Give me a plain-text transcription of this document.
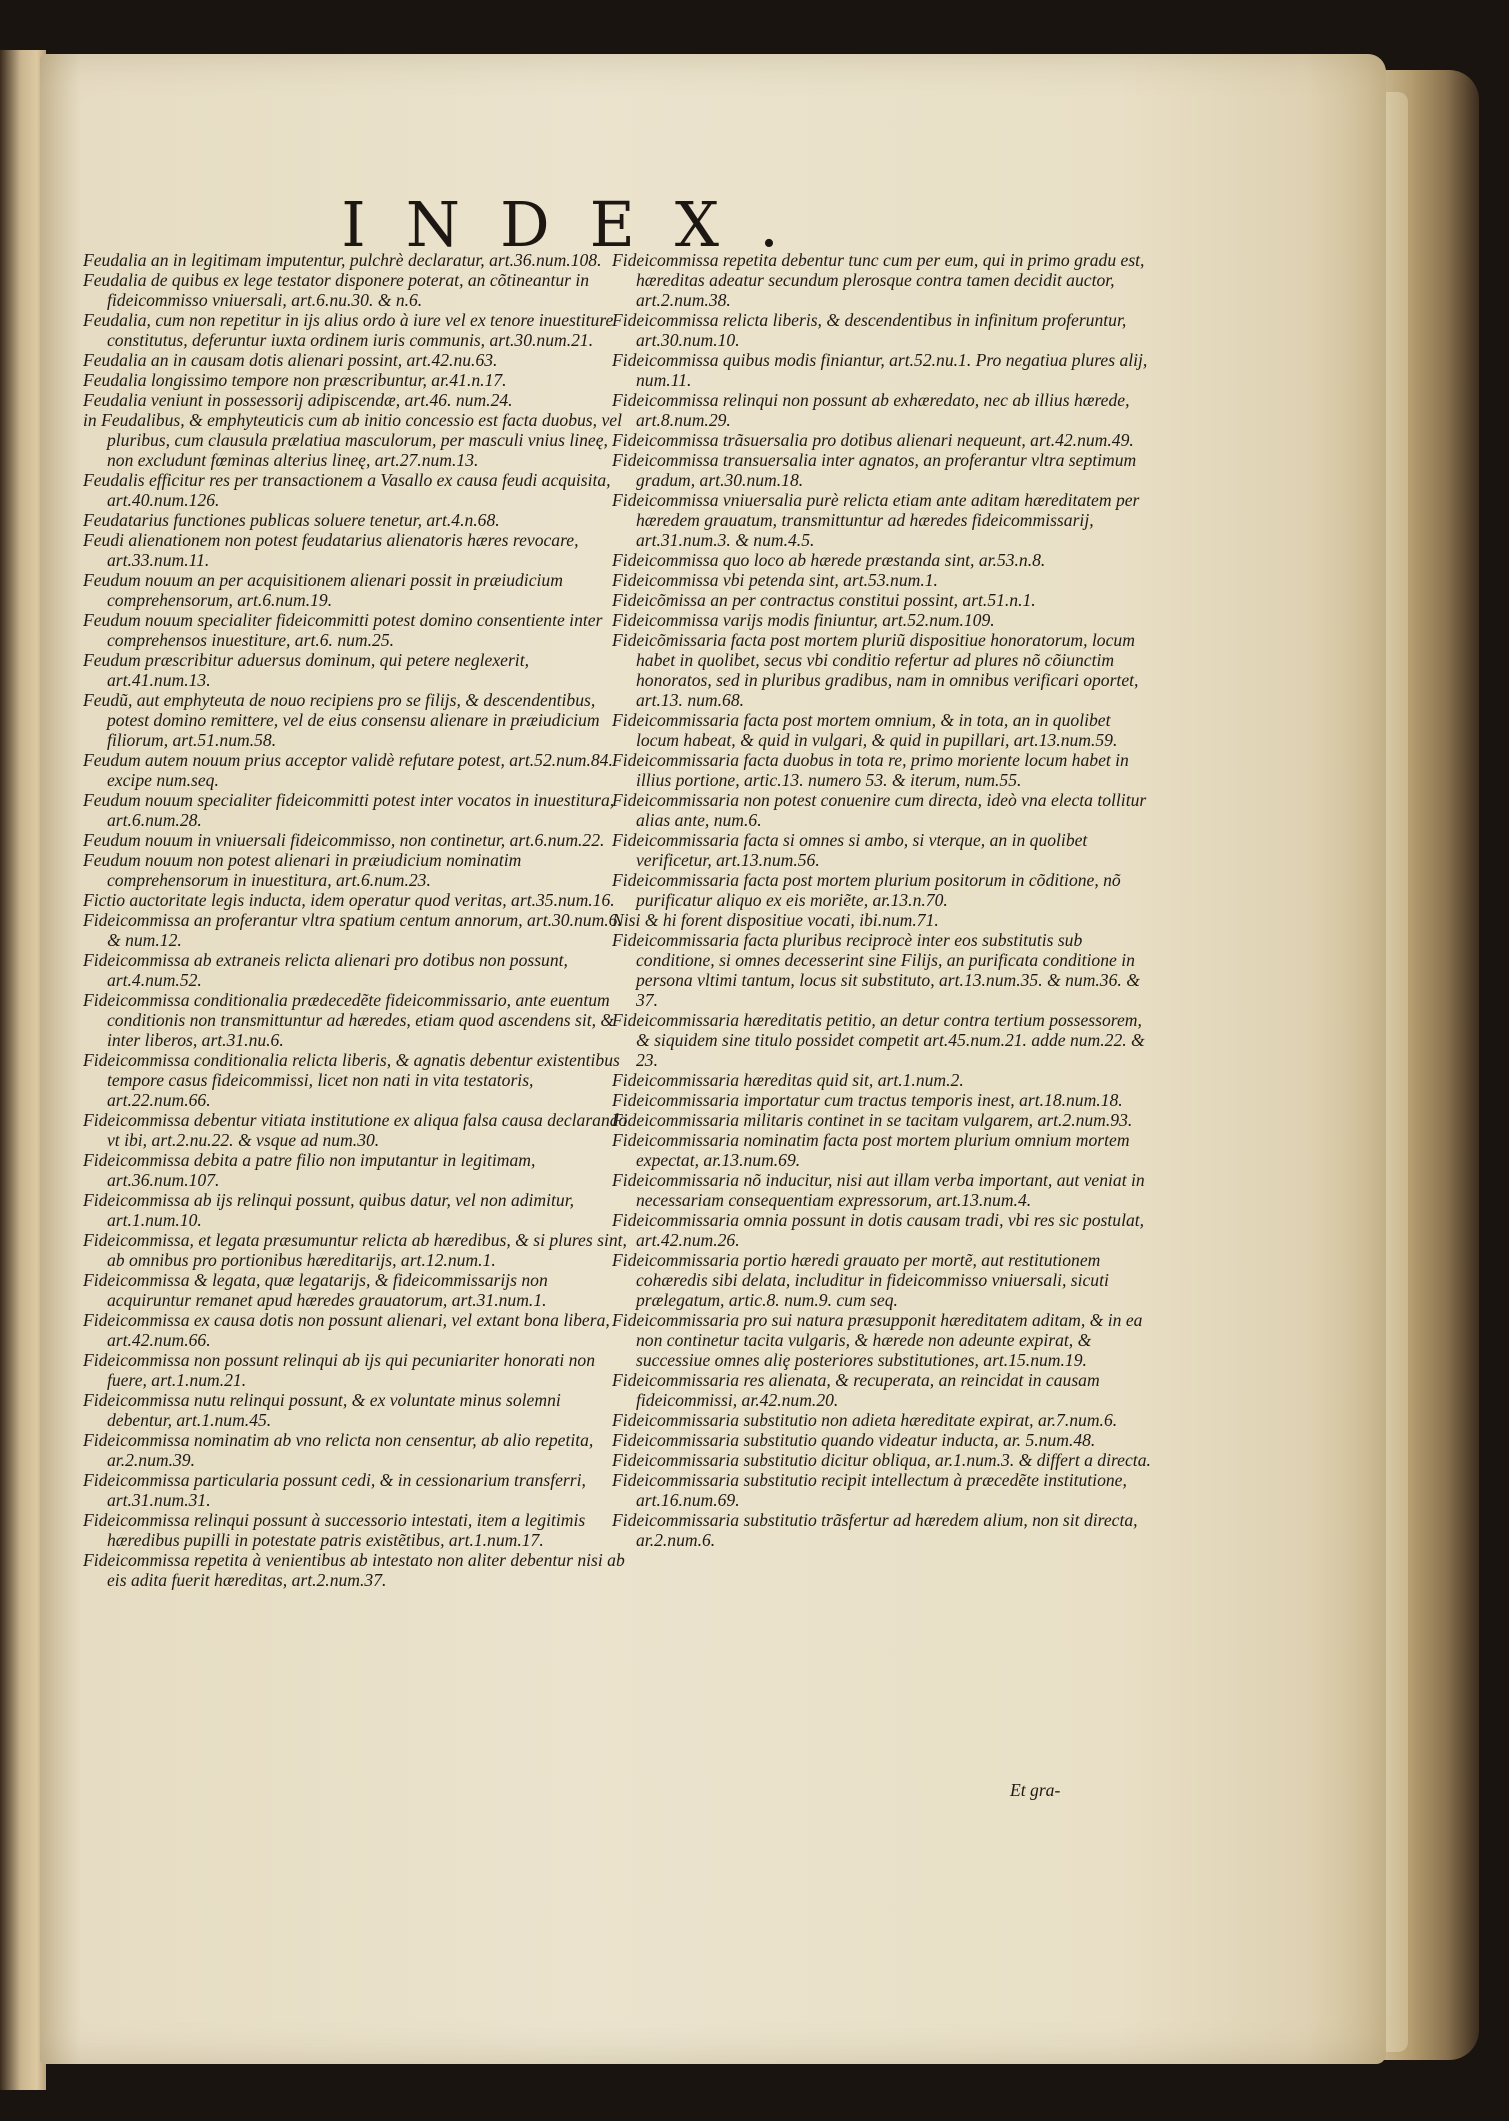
INDEX.
Feudalia an in legitimam imputentur, pulchrè declaratur, art.36.num.108.
Feudalia de quibus ex lege testator disponere poterat, an cõtineantur in fideicommisso vniuersali, art.6.nu.30. & n.6.
Feudalia, cum non repetitur in ijs alius ordo à iure vel ex tenore inuestiture constitutus, deferuntur iuxta ordinem iuris communis, art.30.num.21.
Feudalia an in causam dotis alienari possint, art.42.nu.63.
Feudalia longissimo tempore non præscribuntur, ar.41.n.17.
Feudalia veniunt in possessorij adipiscendæ, art.46. num.24.
in Feudalibus, & emphyteuticis cum ab initio concessio est facta duobus, vel pluribus, cum clausula prælatiua masculorum, per masculi vnius lineę, non excludunt fœminas alterius lineę, art.27.num.13.
Feudalis efficitur res per transactionem a Vasallo ex causa feudi acquisita, art.40.num.126.
Feudatarius functiones publicas soluere tenetur, art.4.n.68.
Feudi alienationem non potest feudatarius alienatoris hæres revocare, art.33.num.11.
Feudum nouum an per acquisitionem alienari possit in præiudicium comprehensorum, art.6.num.19.
Feudum nouum specialiter fideicommitti potest domino consentiente inter comprehensos inuestiture, art.6. num.25.
Feudum præscribitur aduersus dominum, qui petere neglexerit, art.41.num.13.
Feudũ, aut emphyteuta de nouo recipiens pro se filijs, & descendentibus, potest domino remittere, vel de eius consensu alienare in præiudicium filiorum, art.51.num.58.
Feudum autem nouum prius acceptor validè refutare potest, art.52.num.84. excipe num.seq.
Feudum nouum specialiter fideicommitti potest inter vocatos in inuestitura, art.6.num.28.
Feudum nouum in vniuersali fideicommisso, non continetur, art.6.num.22.
Feudum nouum non potest alienari in præiudicium nominatim comprehensorum in inuestitura, art.6.num.23.
Fictio auctoritate legis inducta, idem operatur quod veritas, art.35.num.16.
Fideicommissa an proferantur vltra spatium centum annorum, art.30.num.6. & num.12.
Fideicommissa ab extraneis relicta alienari pro dotibus non possunt, art.4.num.52.
Fideicommissa conditionalia prædecedẽte fideicommissario, ante euentum conditionis non transmittuntur ad hæredes, etiam quod ascendens sit, & inter liberos, art.31.nu.6.
Fideicommissa conditionalia relicta liberis, & agnatis debentur existentibus tempore casus fideicommissi, licet non nati in vita testatoris, art.22.num.66.
Fideicommissa debentur vitiata institutione ex aliqua falsa causa declarando vt ibi, art.2.nu.22. & vsque ad num.30.
Fideicommissa debita a patre filio non imputantur in legitimam, art.36.num.107.
Fideicommissa ab ijs relinqui possunt, quibus datur, vel non adimitur, art.1.num.10.
Fideicommissa, et legata præsumuntur relicta ab hæredibus, & si plures sint, ab omnibus pro portionibus hæreditarijs, art.12.num.1.
Fideicommissa & legata, quæ legatarijs, & fideicommissarijs non acquiruntur remanet apud hæredes grauatorum, art.31.num.1.
Fideicommissa ex causa dotis non possunt alienari, vel extant bona libera, art.42.num.66.
Fideicommissa non possunt relinqui ab ijs qui pecuniariter honorati non fuere, art.1.num.21.
Fideicommissa nutu relinqui possunt, & ex voluntate minus solemni debentur, art.1.num.45.
Fideicommissa nominatim ab vno relicta non censentur, ab alio repetita, ar.2.num.39.
Fideicommissa particularia possunt cedi, & in cessionarium transferri, art.31.num.31.
Fideicommissa relinqui possunt à successorio intestati, item a legitimis hæredibus pupilli in potestate patris existẽtibus, art.1.num.17.
Fideicommissa repetita à venientibus ab intestato non aliter debentur nisi ab eis adita fuerit hæreditas, art.2.num.37.
Fideicommissa repetita debentur tunc cum per eum, qui in primo gradu est, hæreditas adeatur secundum plerosque contra tamen decidit auctor, art.2.num.38.
Fideicommissa relicta liberis, & descendentibus in infinitum proferuntur, art.30.num.10.
Fideicommissa quibus modis finiantur, art.52.nu.1. Pro negatiua plures alij, num.11.
Fideicommissa relinqui non possunt ab exhæredato, nec ab illius hærede, art.8.num.29.
Fideicommissa trãsuersalia pro dotibus alienari nequeunt, art.42.num.49.
Fideicommissa transuersalia inter agnatos, an proferantur vltra septimum gradum, art.30.num.18.
Fideicommissa vniuersalia purè relicta etiam ante aditam hæreditatem per hæredem grauatum, transmittuntur ad hæredes fideicommissarij, art.31.num.3. & num.4.5.
Fideicommissa quo loco ab hærede præstanda sint, ar.53.n.8.
Fideicommissa vbi petenda sint, art.53.num.1.
Fideicõmissa an per contractus constitui possint, art.51.n.1.
Fideicommissa varijs modis finiuntur, art.52.num.109.
Fideicõmissaria facta post mortem pluriũ dispositiue honoratorum, locum habet in quolibet, secus vbi conditio refertur ad plures nõ cõiunctim honoratos, sed in pluribus gradibus, nam in omnibus verificari oportet, art.13. num.68.
Fideicommissaria facta post mortem omnium, & in tota, an in quolibet locum habeat, & quid in vulgari, & quid in pupillari, art.13.num.59.
Fideicommissaria facta duobus in tota re, primo moriente locum habet in illius portione, artic.13. numero 53. & iterum, num.55.
Fideicommissaria non potest conuenire cum directa, ideò vna electa tollitur alias ante, num.6.
Fideicommissaria facta si omnes si ambo, si vterque, an in quolibet verificetur, art.13.num.56.
Fideicommissaria facta post mortem plurium positorum in cõditione, nõ purificatur aliquo ex eis moriẽte, ar.13.n.70.
Nisi & hi forent dispositiue vocati, ibi.num.71.
Fideicommissaria facta pluribus reciprocè inter eos substitutis sub conditione, si omnes decesserint sine Filijs, an purificata conditione in persona vltimi tantum, locus sit substituto, art.13.num.35. & num.36. & 37.
Fideicommissaria hæreditatis petitio, an detur contra tertium possessorem, & siquidem sine titulo possidet competit art.45.num.21. adde num.22. & 23.
Fideicommissaria hæreditas quid sit, art.1.num.2.
Fideicommissaria importatur cum tractus temporis inest, art.18.num.18.
Fideicommissaria militaris continet in se tacitam vulgarem, art.2.num.93.
Fideicommissaria nominatim facta post mortem plurium omnium mortem expectat, ar.13.num.69.
Fideicommissaria nõ inducitur, nisi aut illam verba important, aut veniat in necessariam consequentiam expressorum, art.13.num.4.
Fideicommissaria omnia possunt in dotis causam tradi, vbi res sic postulat, art.42.num.26.
Fideicommissaria portio hæredi grauato per mortẽ, aut restitutionem cohæredis sibi delata, includitur in fideicommisso vniuersali, sicuti prælegatum, artic.8. num.9. cum seq.
Fideicommissaria pro sui natura præsupponit hæreditatem aditam, & in ea non continetur tacita vulgaris, & hærede non adeunte expirat, & successiue omnes aliȩ posteriores substitutiones, art.15.num.19.
Fideicommissaria res alienata, & recuperata, an reincidat in causam fideicommissi, ar.42.num.20.
Fideicommissaria substitutio non adieta hæreditate expirat, ar.7.num.6.
Fideicommissaria substitutio quando videatur inducta, ar. 5.num.48.
Fideicommissaria substitutio dicitur obliqua, ar.1.num.3. & differt a directa.
Fideicommissaria substitutio recipit intellectum à præcedẽte institutione, art.16.num.69.
Fideicommissaria substitutio trãsfertur ad hæredem alium, non sit directa, ar.2.num.6.
Et gra-
